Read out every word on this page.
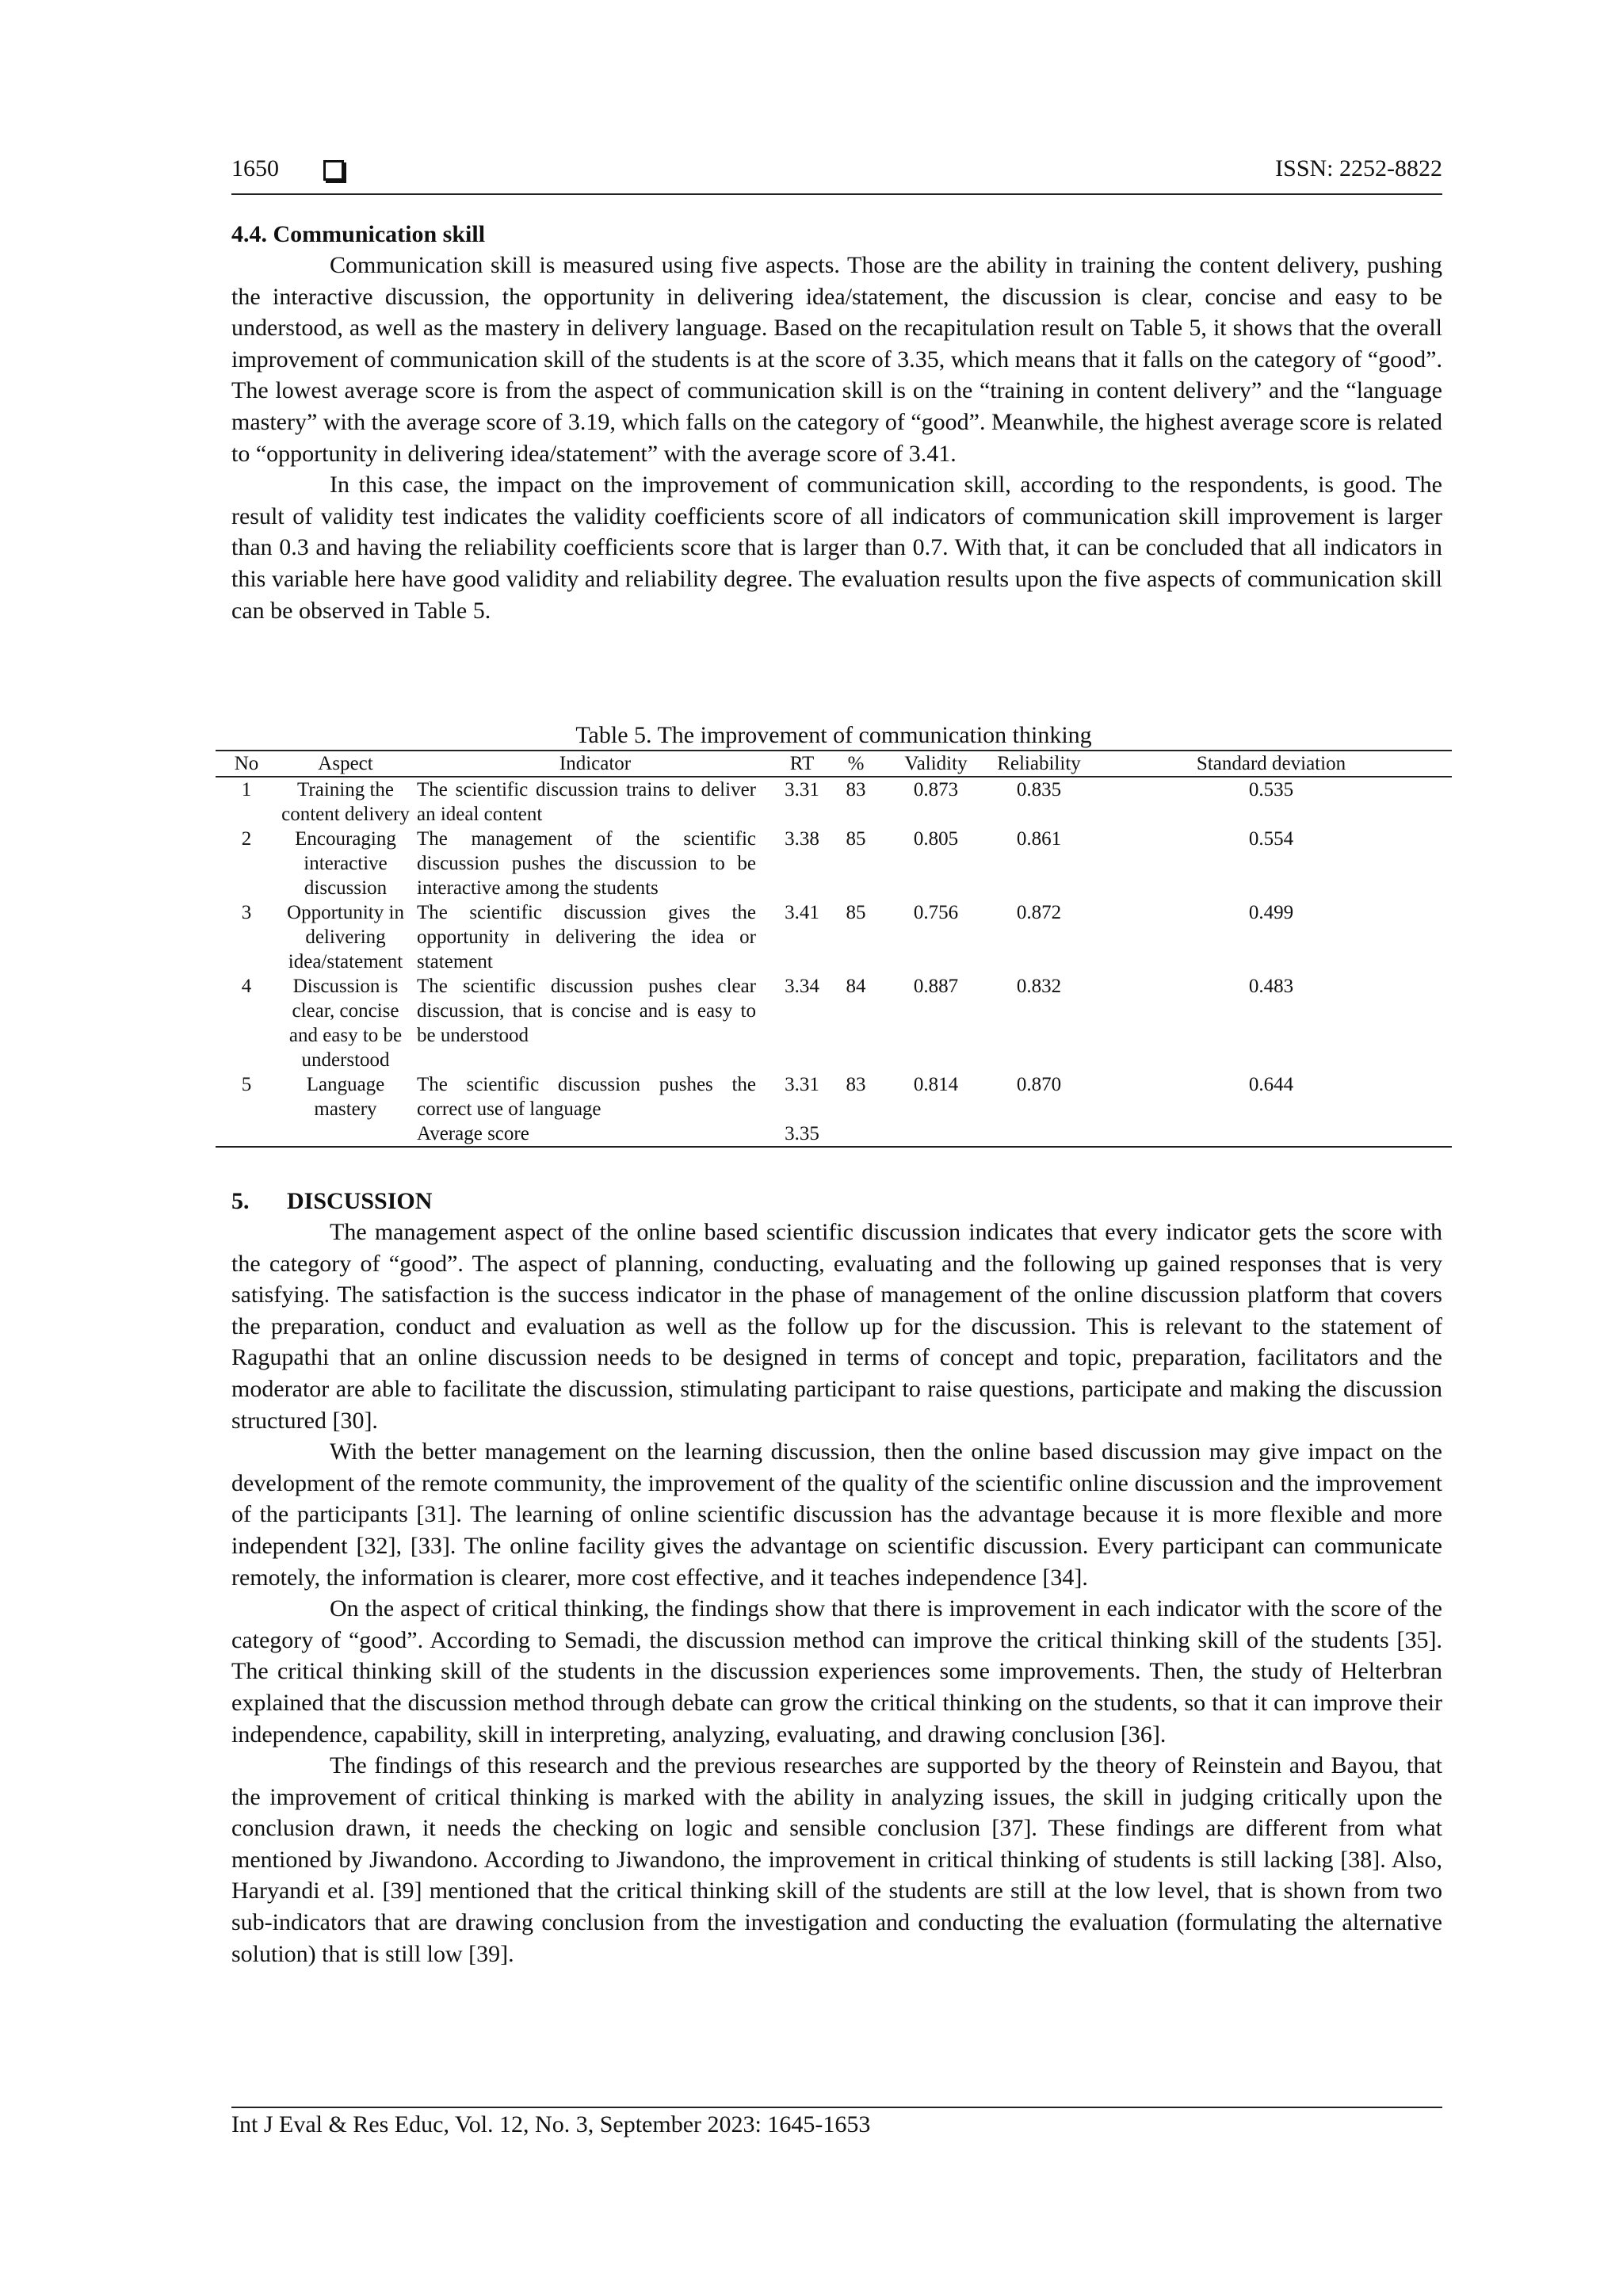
1650	ISSN: 2252-8822
4.4. Communication skill

Communication skill is measured using five aspects. Those are the ability in training the content delivery, pushing the interactive discussion, the opportunity in delivering idea/statement, the discussion is clear, concise and easy to be understood, as well as the mastery in delivery language. Based on the recapitulation result on Table 5, it shows that the overall improvement of communication skill of the students is at the score of 3.35, which means that it falls on the category of “good”. The lowest average score is from the aspect of communication skill is on the “training in content delivery” and the “language mastery” with the average score of 3.19, which falls on the category of “good”. Meanwhile, the highest average score is related to “opportunity in delivering idea/statement” with the average score of 3.41.

In this case, the impact on the improvement of communication skill, according to the respondents, is good. The result of validity test indicates the validity coefficients score of all indicators of communication skill improvement is larger than 0.3 and having the reliability coefficients score that is larger than 0.7. With that, it can be concluded that all indicators in this variable here have good validity and reliability degree. The evaluation results upon the five aspects of communication skill can be observed in Table 5.

Table 5. The improvement of communication thinking
No	Aspect	Indicator	RT	%	Validity	Reliability	Standard deviation
1	Training the content delivery	The scientific discussion trains to deliver an ideal content	3.31	83	0.873	0.835	0.535
2	Encouraging interactive discussion	The management of the scientific discussion pushes the discussion to be interactive among the students	3.38	85	0.805	0.861	0.554
3	Opportunity in delivering idea/statement	The scientific discussion gives the opportunity in delivering the idea or statement	3.41	85	0.756	0.872	0.499
4	Discussion is clear, concise and easy to be understood	The scientific discussion pushes clear discussion, that is concise and is easy to be understood	3.34	84	0.887	0.832	0.483
5	Language mastery	The scientific discussion pushes the correct use of language	3.31	83	0.814	0.870	0.644
		Average score	3.35				
5. DISCUSSION

The management aspect of the online based scientific discussion indicates that every indicator gets the score with the category of “good”. The aspect of planning, conducting, evaluating and the following up gained responses that is very satisfying. The satisfaction is the success indicator in the phase of management of the online discussion platform that covers the preparation, conduct and evaluation as well as the follow up for the discussion. This is relevant to the statement of Ragupathi that an online discussion needs to be designed in terms of concept and topic, preparation, facilitators and the moderator are able to facilitate the discussion, stimulating participant to raise questions, participate and making the discussion structured [30].

With the better management on the learning discussion, then the online based discussion may give impact on the development of the remote community, the improvement of the quality of the scientific online discussion and the improvement of the participants [31]. The learning of online scientific discussion has the advantage because it is more flexible and more independent [32], [33]. The online facility gives the advantage on scientific discussion. Every participant can communicate remotely, the information is clearer, more cost effective, and it teaches independence [34].

On the aspect of critical thinking, the findings show that there is improvement in each indicator with the score of the category of “good”. According to Semadi, the discussion method can improve the critical thinking skill of the students [35]. The critical thinking skill of the students in the discussion experiences some improvements. Then, the study of Helterbran explained that the discussion method through debate can grow the critical thinking on the students, so that it can improve their independence, capability, skill in interpreting, analyzing, evaluating, and drawing conclusion [36].

The findings of this research and the previous researches are supported by the theory of Reinstein and Bayou, that the improvement of critical thinking is marked with the ability in analyzing issues, the skill in judging critically upon the conclusion drawn, it needs the checking on logic and sensible conclusion [37]. These findings are different from what mentioned by Jiwandono. According to Jiwandono, the improvement in critical thinking of students is still lacking [38]. Also, Haryandi et al. [39] mentioned that the critical thinking skill of the students are still at the low level, that is shown from two sub-indicators that are drawing conclusion from the investigation and conducting the evaluation (formulating the alternative solution) that is still low [39].

Int J Eval & Res Educ, Vol. 12, No. 3, September 2023: 1645-1653
